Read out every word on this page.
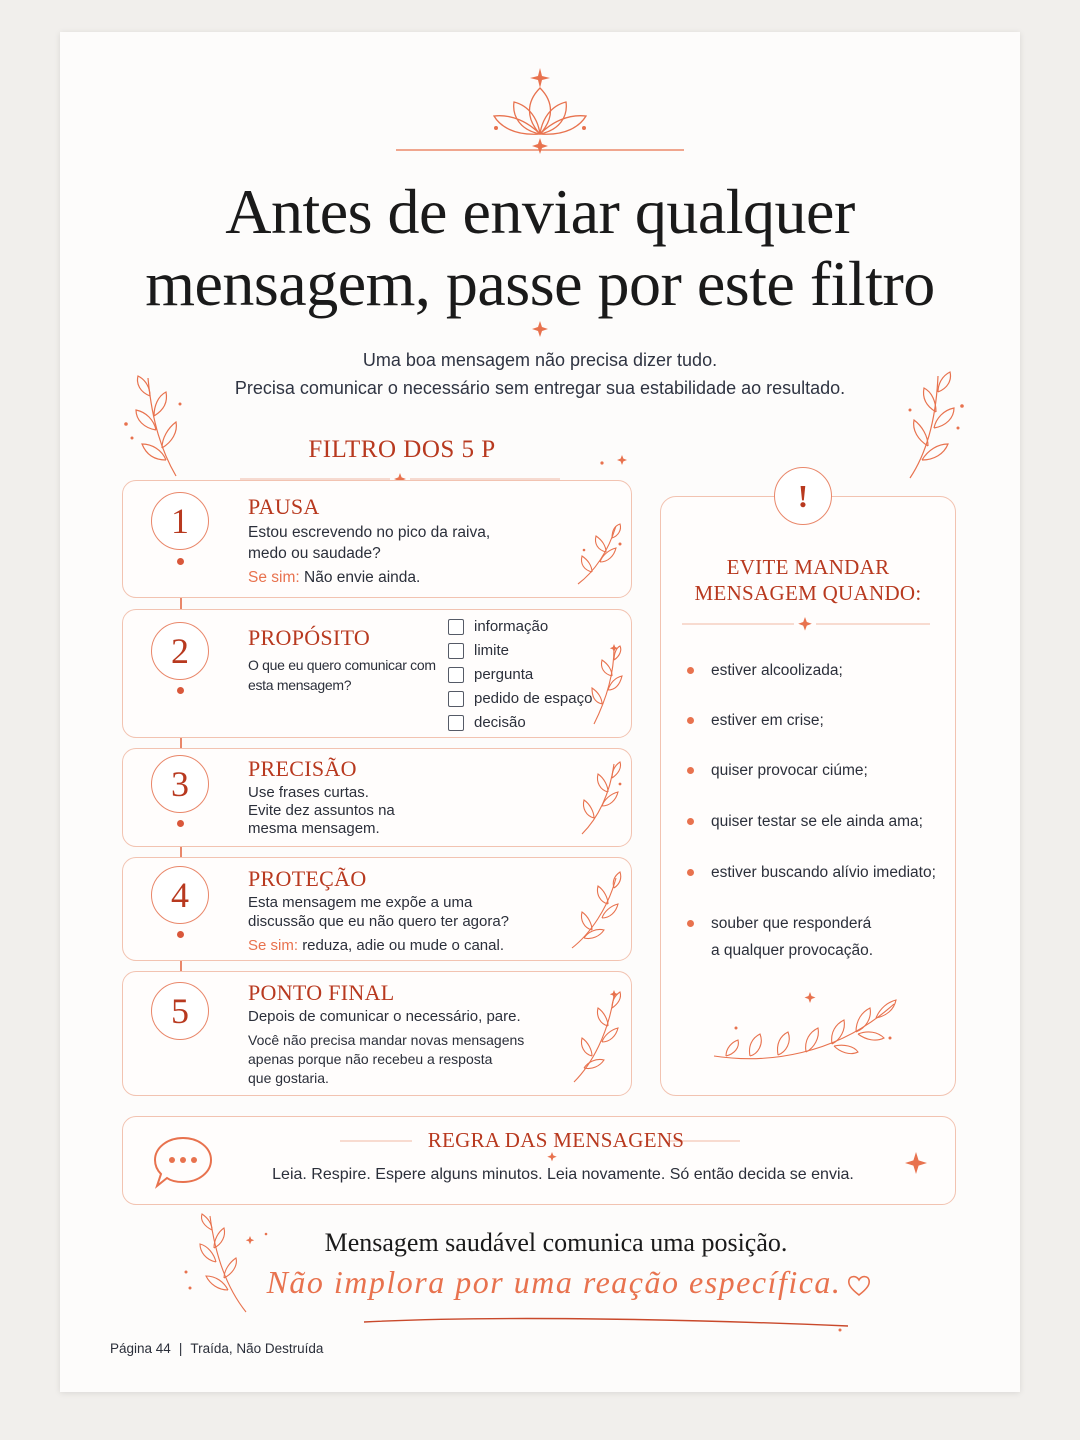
Antes de enviar qualquer
mensagem, passe por este filtro
Uma boa mensagem não precisa dizer tudo.
Precisa comunicar o necessário sem entregar sua estabilidade ao resultado.
FILTRO DOS 5 P
1	PAUSA
Estou escrevendo no pico da raiva,
medo ou saudade?
Se sim: Não envie ainda.
2	PROPÓSITO
O que eu quero comunicar com
esta mensagem?
informação
limite
pergunta
pedido de espaço
decisão
3	PRECISÃO
Use frases curtas.
Evite dez assuntos na
mesma mensagem.
4	PROTEÇÃO
Esta mensagem me expõe a uma
discussão que eu não quero ter agora?
Se sim: reduza, adie ou mude o canal.
5	PONTO FINAL
Depois de comunicar o necessário, pare.
Você não precisa mandar novas mensagens
apenas porque não recebeu a resposta
que gostaria.
!
EVITE MANDAR
MENSAGEM QUANDO:
estiver alcoolizada;
estiver em crise;
quiser provocar ciúme;
quiser testar se ele ainda ama;
estiver buscando alívio imediato;
souber que responderá
a qualquer provocação.
REGRA DAS MENSAGENS
Leia. Respire. Espere alguns minutos. Leia novamente. Só então decida se envia.
Mensagem saudável comunica uma posição.
Não implora por uma reação específica.
Página 44 | Traída, Não Destruída
